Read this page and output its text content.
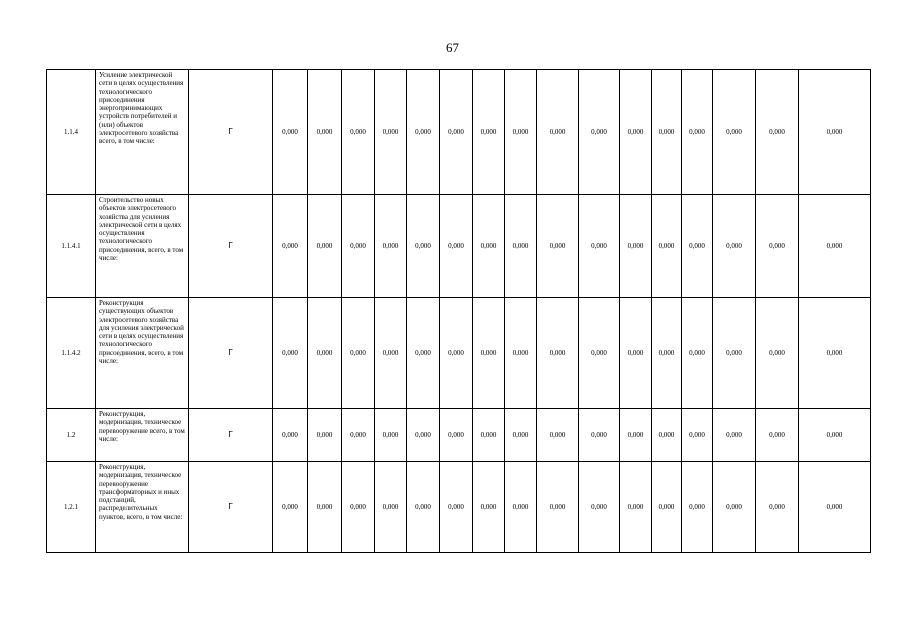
67
1.1.4	Усиление электрической сети в целях осуществления технологического присоединения энергопринимающих устройств потребителей и (или) объектов электросетевого хозяйства всего, в том числе:	Г	0,000	0,000	0,000	0,000	0,000	0,000	0,000	0,000	0,000	0,000	0,000	0,000	0,000	0,000	0,000	0,000
1.1.4.1	Строительство новых объектов электросетевого хозяйства для усиления электрической сети в целях осуществления технологического присоединения, всего, в том числе:	Г	0,000	0,000	0,000	0,000	0,000	0,000	0,000	0,000	0,000	0,000	0,000	0,000	0,000	0,000	0,000	0,000
1.1.4.2	Реконструкция существующих объектов электросетевого хозяйства для усиления электрической сети в целях осуществления технологического присоединения, всего, в том числе:	Г	0,000	0,000	0,000	0,000	0,000	0,000	0,000	0,000	0,000	0,000	0,000	0,000	0,000	0,000	0,000	0,000
1.2	Реконструкция, модернизация, техническое перевооружение всего, в том числе:	Г	0,000	0,000	0,000	0,000	0,000	0,000	0,000	0,000	0,000	0,000	0,000	0,000	0,000	0,000	0,000	0,000
1.2.1	Реконструкция, модернизация, техническое перевооружение трансформаторных и иных подстанций, распределительных пунктов, всего, в том числе:	Г	0,000	0,000	0,000	0,000	0,000	0,000	0,000	0,000	0,000	0,000	0,000	0,000	0,000	0,000	0,000	0,000
